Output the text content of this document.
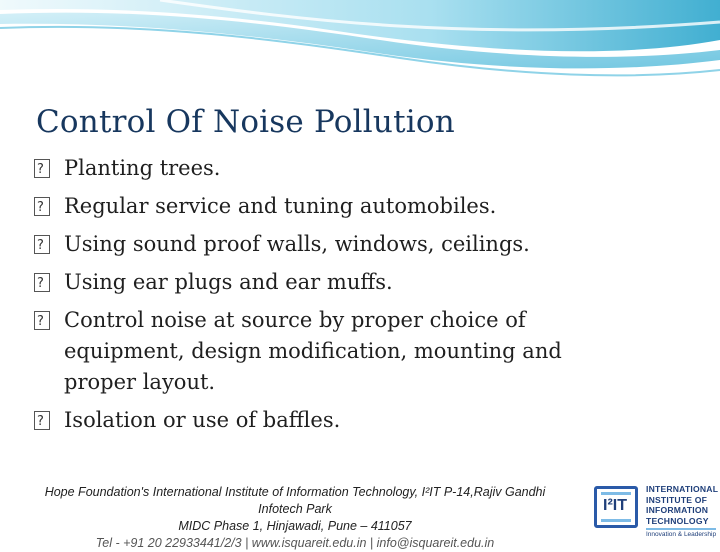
Control Of Noise Pollution
?
Planting trees.
?
Regular service and tuning automobiles.
?
Using sound proof walls, windows, ceilings.
?
Using ear plugs and ear muffs.
?
Control noise at source by proper choice of
equipment, design modification, mounting and
proper layout.
?
Isolation or use of baffles.
Hope Foundation's International Institute of Information Technology, I²IT P-14,Rajiv Gandhi
Infotech Park
MIDC Phase 1, Hinjawadi, Pune – 411057
Tel - +91 20 22933441/2/3 | www.isquareit.edu.in | info@isquareit.edu.in
I²IT
INTERNATIONAL
INSTITUTE OF
INFORMATION
TECHNOLOGY
Innovation & Leadership
